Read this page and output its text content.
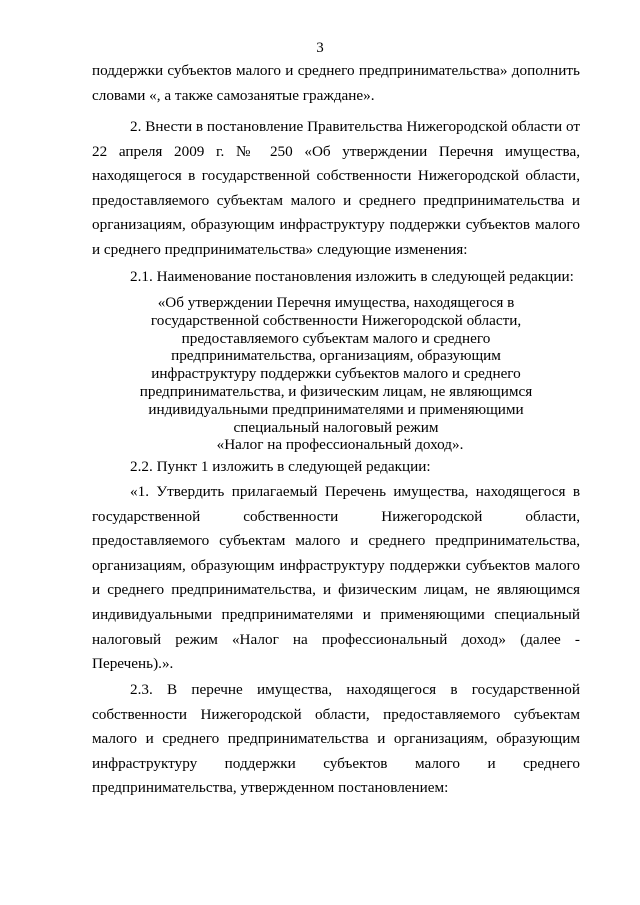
3

поддержки субъектов малого и среднего предпринимательства» дополнить словами «, а также самозанятые граждане».

2. Внести в постановление Правительства Нижегородской области от 22 апреля 2009 г. № 250 «Об утверждении Перечня имущества, находящегося в государственной собственности Нижегородской области, предоставляемого субъектам малого и среднего предпринимательства и организациям, образующим инфраструктуру поддержки субъектов малого и среднего предпринимательства» следующие изменения:

2.1. Наименование постановления изложить в следующей редакции:

«Об утверждении Перечня имущества, находящегося в
государственной собственности Нижегородской области,
предоставляемого субъектам малого и среднего
предпринимательства, организациям, образующим
инфраструктуру поддержки субъектов малого и среднего
предпринимательства, и физическим лицам, не являющимся
индивидуальными предпринимателями и применяющими
специальный налоговый режим
«Налог на профессиональный доход».

2.2. Пункт 1 изложить в следующей редакции:

«1. Утвердить прилагаемый Перечень имущества, находящегося в государственной собственности Нижегородской области, предоставляемого субъектам малого и среднего предпринимательства, организациям, образующим инфраструктуру поддержки субъектов малого и среднего предпринимательства, и физическим лицам, не являющимся индивидуальными предпринимателями и применяющими специальный налоговый режим «Налог на профессиональный доход» (далее - Перечень).».

2.3. В перечне имущества, находящегося в государственной собственности Нижегородской области, предоставляемого субъектам малого и среднего предпринимательства и организациям, образующим инфраструктуру поддержки субъектов малого и среднего предпринимательства, утвержденном постановлением:
